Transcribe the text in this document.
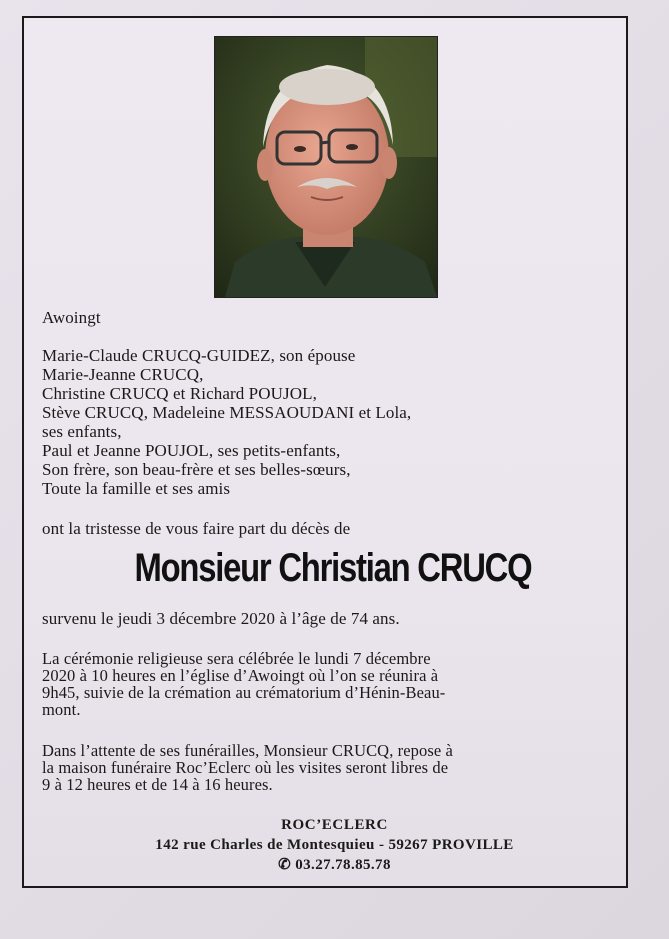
Awoingt
Marie-Claude CRUCQ-GUIDEZ, son épouse
Marie-Jeanne CRUCQ,
Christine CRUCQ et Richard POUJOL,
Stève CRUCQ, Madeleine MESSAOUDANI et Lola,
ses enfants,
Paul et Jeanne POUJOL, ses petits-enfants,
Son frère, son beau-frère et ses belles-sœurs,
Toute la famille et ses amis
ont la tristesse de vous faire part du décès de
Monsieur Christian CRUCQ
survenu le jeudi 3 décembre 2020 à l’âge de 74 ans.
La cérémonie religieuse sera célébrée le lundi 7 décembre
2020 à 10 heures en l’église d’Awoingt où l’on se réunira à
9h45, suivie de la crémation au crématorium d’Hénin-Beau-
mont.
Dans l’attente de ses funérailles, Monsieur CRUCQ, repose à
la maison funéraire Roc’Eclerc où les visites seront libres de
9 à 12 heures et de 14 à 16 heures.
ROC’ECLERC
142 rue Charles de Montesquieu - 59267 PROVILLE
✆ 03.27.78.85.78
